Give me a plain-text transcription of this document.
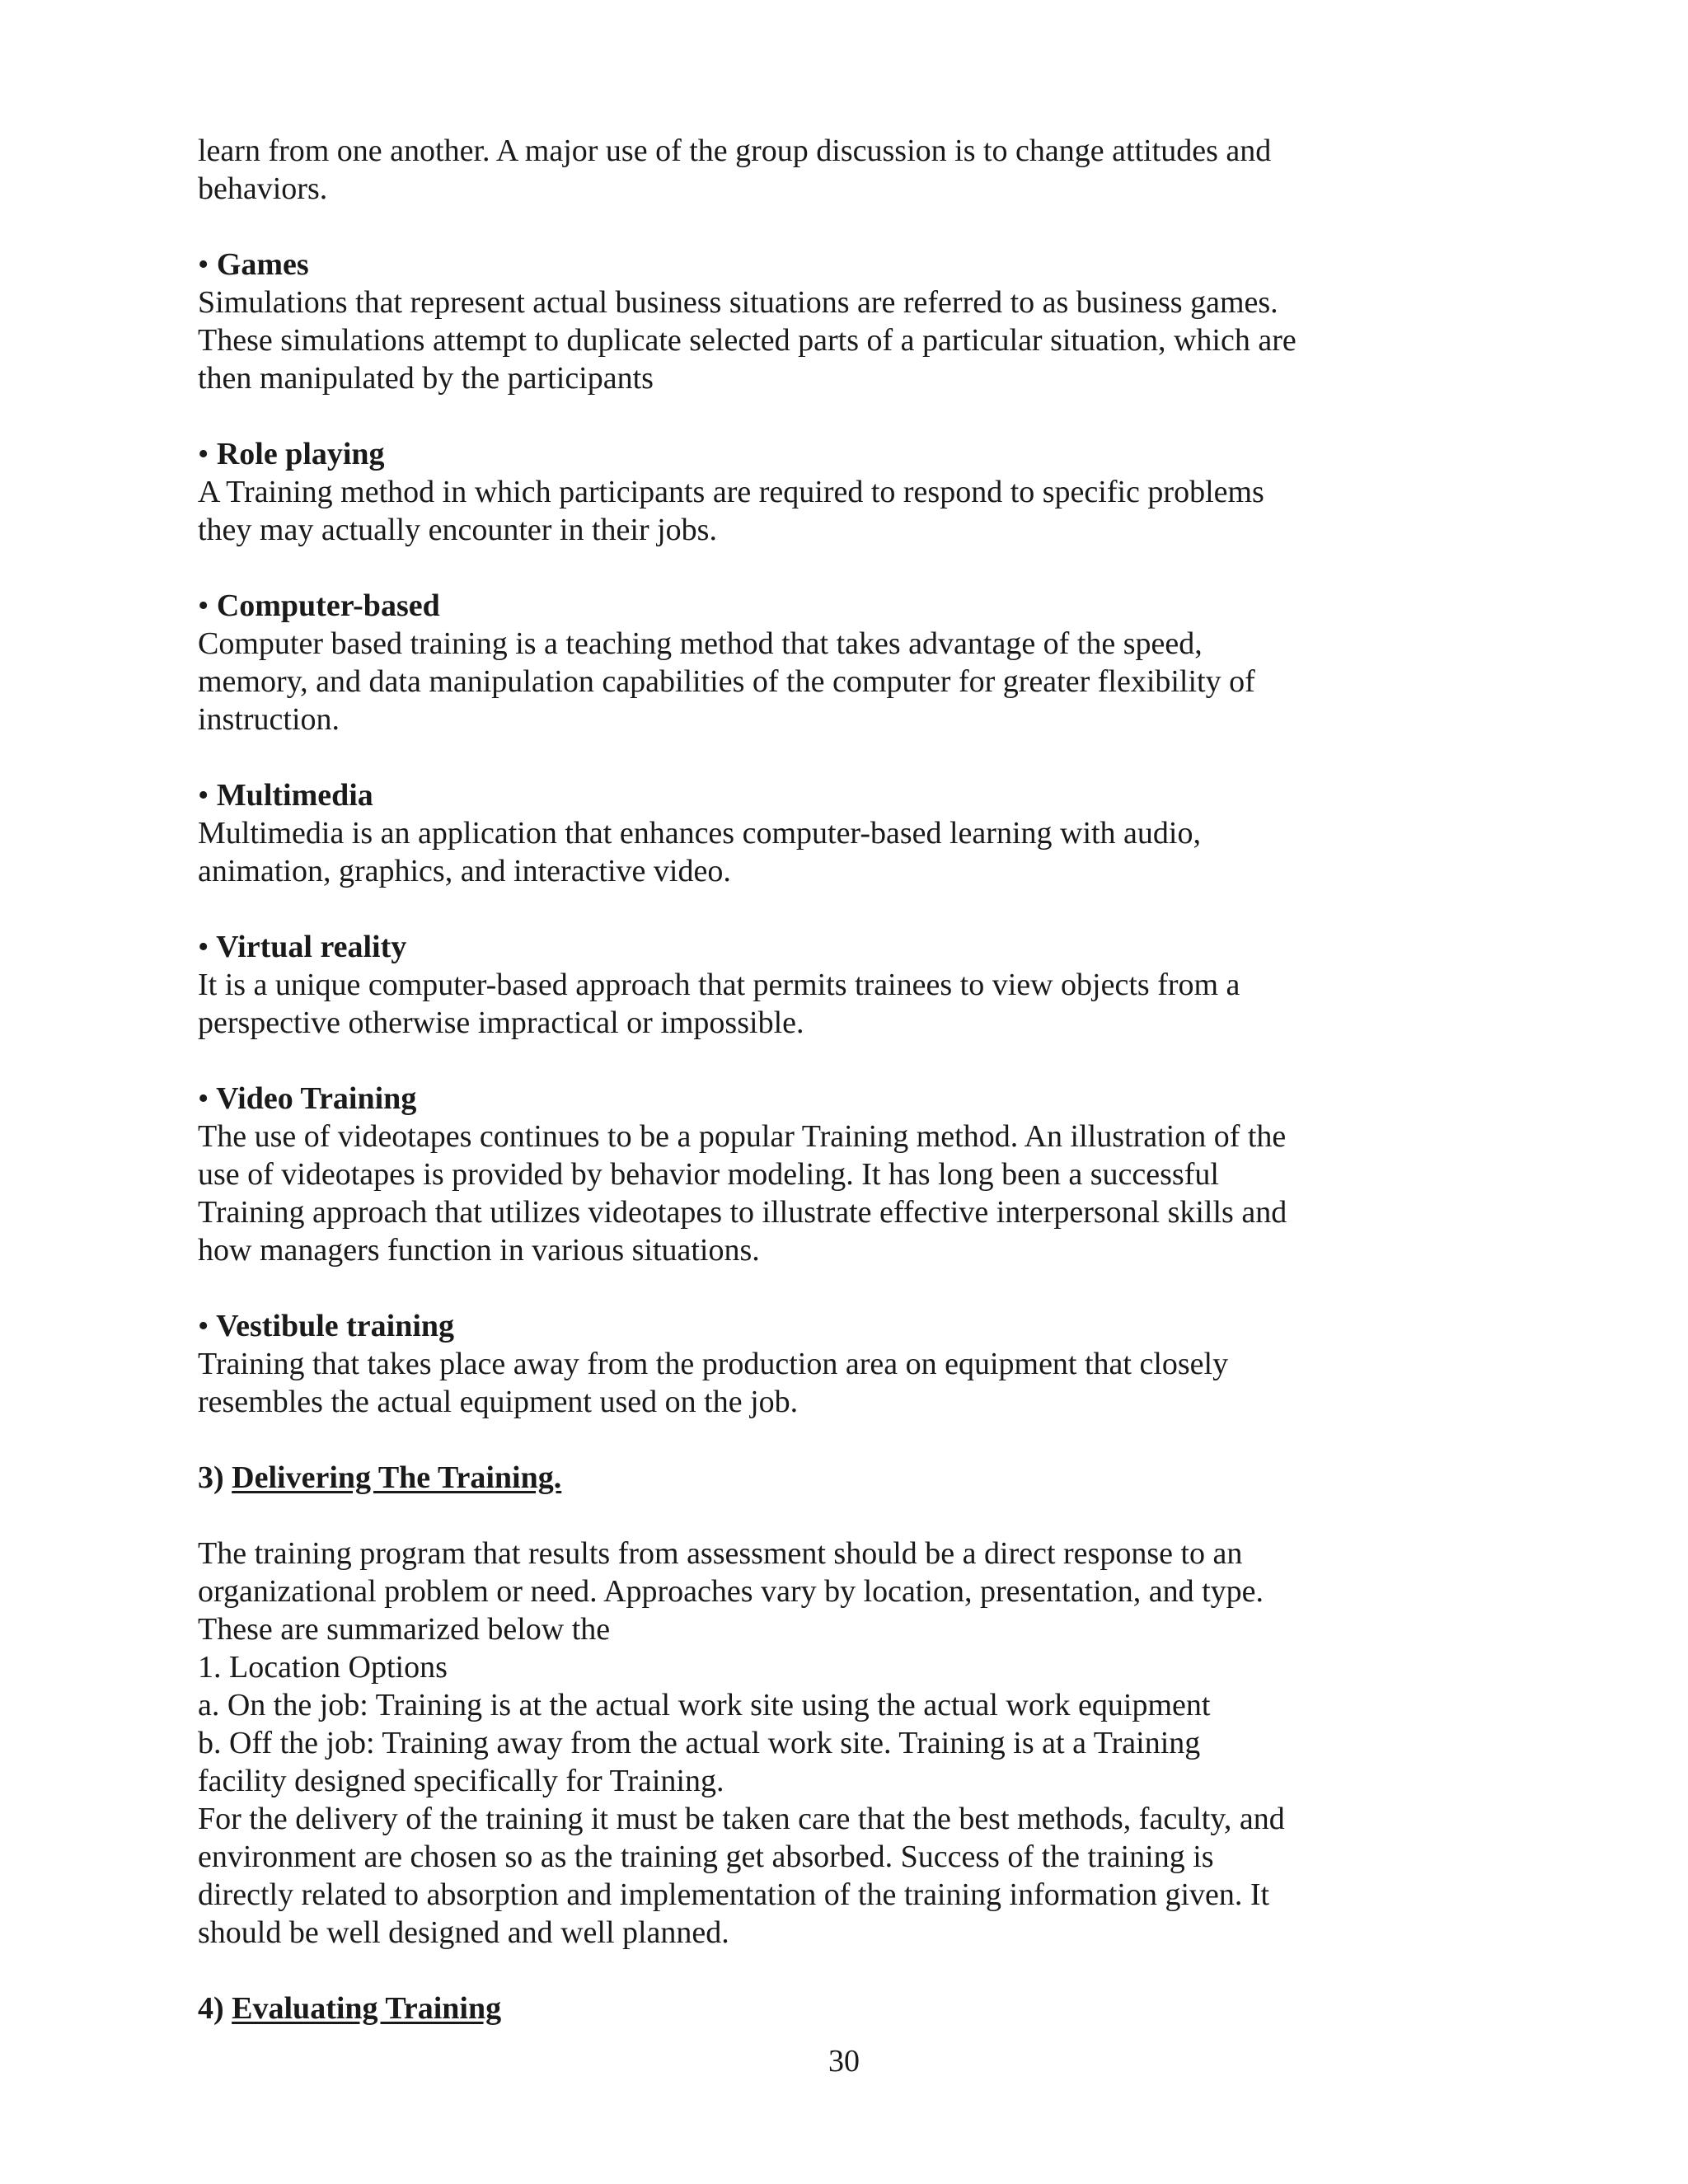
learn from one another. A major use of the group discussion is to change attitudes and
behaviors.
• Games
Simulations that represent actual business situations are referred to as business games.
These simulations attempt to duplicate selected parts of a particular situation, which are
then manipulated by the participants
• Role playing
A Training method in which participants are required to respond to specific problems
they may actually encounter in their jobs.
• Computer-based
Computer based training is a teaching method that takes advantage of the speed,
memory, and data manipulation capabilities of the computer for greater flexibility of
instruction.
• Multimedia
Multimedia is an application that enhances computer-based learning with audio,
animation, graphics, and interactive video.
• Virtual reality
It is a unique computer-based approach that permits trainees to view objects from a
perspective otherwise impractical or impossible.
• Video Training
The use of videotapes continues to be a popular Training method. An illustration of the
use of videotapes is provided by behavior modeling. It has long been a successful
Training approach that utilizes videotapes to illustrate effective interpersonal skills and
how managers function in various situations.
• Vestibule training
Training that takes place away from the production area on equipment that closely
resembles the actual equipment used on the job.
3) Delivering The Training.
The training program that results from assessment should be a direct response to an
organizational problem or need. Approaches vary by location, presentation, and type.
These are summarized below the
1. Location Options
a. On the job: Training is at the actual work site using the actual work equipment
b. Off the job: Training away from the actual work site. Training is at a Training
facility designed specifically for Training.
For the delivery of the training it must be taken care that the best methods, faculty, and
environment are chosen so as the training get absorbed. Success of the training is
directly related to absorption and implementation of the training information given. It
should be well designed and well planned.
4) Evaluating Training
30
